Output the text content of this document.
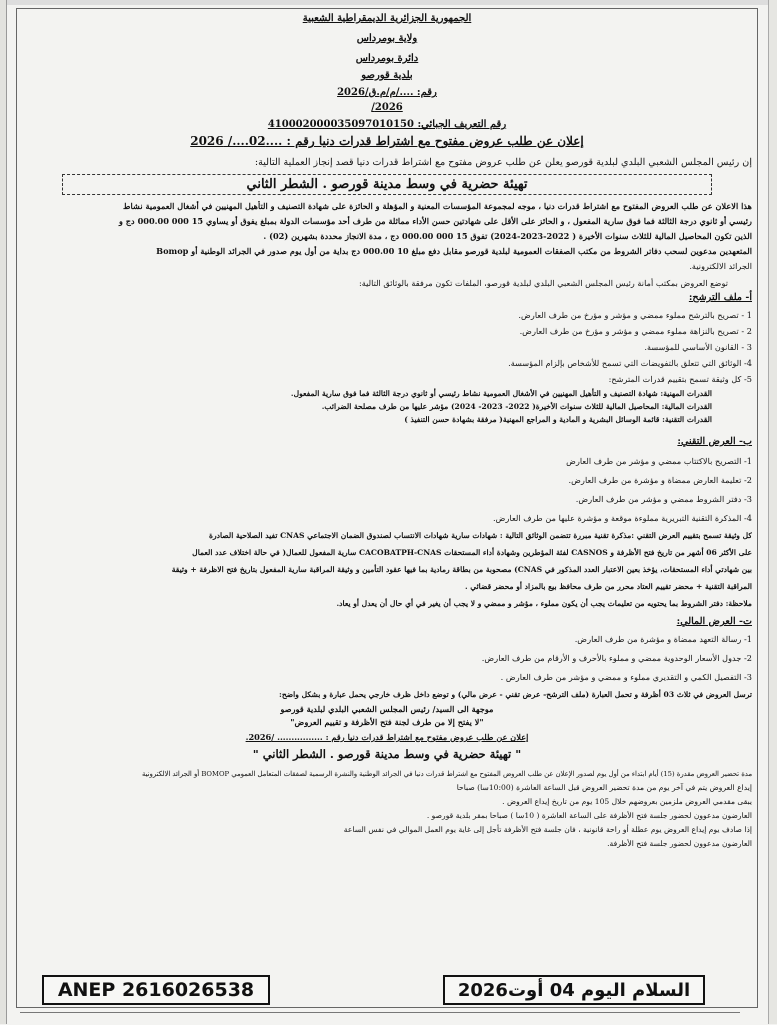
الجمهورية الجزائرية الديمقراطية الشعبية
ولاية بومرداس
دائرة بومرداس
بلدية قورصو
رقم: ..../م/م.ق/2026
2026/
رقم التعريف الجبائي: 410002000035097010150
إعلان عن طلب عروض مفتوح مع اشتراط قدرات دنيا رقم : ....02..../ 2026
إن رئيس المجلس الشعبي البلدي لبلدية قورصو يعلن عن طلب عروض مفتوح مع اشتراط قدرات دنيا قصد إنجاز العملية التالية:
تهيئة حضرية في وسط مدينة قورصو . الشطر الثاني
هذا الاعلان عن طلب العروض المفتوح مع اشتراط قدرات دنيا ، موجه لمجموعة المؤسسات المعنية و المؤهلة و الحائزة على شهادة التصنيف و التأهيل المهنيين في أشغال العمومية نشاط
رئيسي أو ثانوي درجة الثالثة فما فوق سارية المفعول ، و الحائز على الأقل على شهادتين حسن الأداء مماثلة من طرف أحد مؤسسات الدولة بمبلغ يفوق أو يساوي 15 000 000.00 دج و
الذين تكون المحاصيل المالية للثلاث سنوات الأخيرة ( 2022-2023-2024) تفوق 15 000 000.00 دج ، مدة الانجاز محددة بشهرين (02) .
المتعهدين مدعوين لسحب دفاتر الشروط من مكتب الصفقات العمومية لبلدية قورصو مقابل دفع مبلغ 10 000.00 دج بداية من أول يوم صدور في الجرائد الوطنية أو Bomop
الجرائد الالكترونية.
توضع العروض بمكتب أمانة رئيس المجلس الشعبي البلدي لبلدية قورصو، الملفات تكون مرفقة بالوثائق التالية:
أ- ملف الترشح:
1 - تصريح بالترشح مملوء ممضي و مؤشر و مؤرخ من طرف العارض.
2 - تصريح بالنزاهة مملوء ممضي و مؤشر و مؤرخ من طرف العارض.
3 - القانون الأساسي للمؤسسة.
4- الوثائق التي تتعلق بالتفويضات التي تسمح للأشخاص بإلزام المؤسسة.
5- كل وثيقة تسمح بتقييم قدرات المترشح:
القدرات المهنية: شهادة التصنيف و التأهيل المهنيين في الأشغال العمومية نشاط رئيسي أو ثانوي درجة الثالثة فما فوق سارية المفعول.
القدرات المالية: المحاصيل المالية للثلاث سنوات الأخيرة( 2022- 2023- 2024) مؤشر عليها من طرف مصلحة الضرائب.
القدرات التقنية: قائمة الوسائل البشرية و المادية و المراجع المهنية( مرفقة بشهادة حسن التنفيذ )
ب- العرض التقني:
1- التصريح بالاكتتاب ممضي و مؤشر من طرف العارض
2- تعليمة العارض ممضاة و مؤشرة من طرف العارض.
3- دفتر الشروط ممضي و مؤشر من طرف العارض.
4- المذكرة التقنية التبريرية مملوءة موقعة و مؤشرة عليها من طرف العارض.
كل وثيقة تسمح بتقييم العرض التقني :مذكرة تقنية مبررة تتضمن الوثائق التالية : شهادات سارية شهادات الانتساب لصندوق الضمان الاجتماعي CNAS تفيد الصلاحية الصادرة
على الأكثر 06 أشهر من تاريخ فتح الأظرفة و CASNOS لفئة المؤطرين وشهادة أداء المستحقات CACOBATPH-CNAS سارية المفعول للعمال( في حالة اختلاف عدد العمال
بين شهادتي أداء المستحقات، يؤخذ بعين الاعتبار العدد المذكور في CNAS) مصحوبة من بطاقة رمادية بما فيها عقود التأمين و وثيقة المراقبة سارية المفعول بتاريخ فتح الاظرفة + وثيقة
المراقبة التقنية + محضر تقييم العتاد محرر من طرف محافظ بيع بالمزاد أو محضر قضائي .
ملاحظة: دفتر الشروط بما يحتويه من تعليمات يجب أن يكون مملوء ، مؤشر و ممضي و لا يجب أن يغير في أي حال أن يعدل أو يعاد.
ت- العرض المالي:
1- رسالة التعهد ممضاة و مؤشرة من طرف العارض.
2- جدول الأسعار الوحدوية ممضي و مملوء بالأحرف و الأرقام من طرف العارض.
3- التفصيل الكمي و التقديري مملوء و ممضي و مؤشر من طرف العارض .
ترسل العروض في ثلاث 03 أظرفة و تحمل العبارة (ملف الترشح- عرض تقني - عرض مالي) و توضع داخل ظرف خارجي يحمل عبارة و بشكل واضح:
موجهة الى السيد/ رئيس المجلس الشعبي البلدي لبلدية قورصو
"لا يفتح إلا من طرف لجنة فتح الأظرفة و تقييم العروض"
إعلان عن طلب عروض مفتوح مع اشتراط قدرات دنيا رقم : ................ /2026.
" تهيئة حضرية في وسط مدينة قورصو . الشطر الثاني "
مدة تحضير العروض مقدرة (15) أيام ابتداء من أول يوم لصدور الإعلان عن طلب العروض المفتوح مع اشتراط قدرات دنيا في الجرائد الوطنية والنشرة الرسمية لصفقات المتعامل العمومي BOMOP أو الجرائد الالكترونية
إيداع العروض يتم في آخر يوم من مدة تحضير العروض قبل الساعة العاشرة (10:00سا) صباحا
يبقى مقدمي العروض ملزمين بعروضهم خلال 105 يوم من تاريخ إيداع العروض .
العارضون مدعوون لحضور جلسة فتح الأظرفة على الساعة العاشرة ( 10سا ) صباحا بمقر بلدية قورصو .
إذا صادف يوم إيداع العروض يوم عطلة أو راحة قانونية ، فان جلسة فتح الأظرفة تأجل إلى غاية يوم العمل الموالي في نفس الساعة
العارضون مدعوون لحضور جلسة فتح الأظرفة.
ANEP 2616026538	السلام اليوم 04 أوت2026
